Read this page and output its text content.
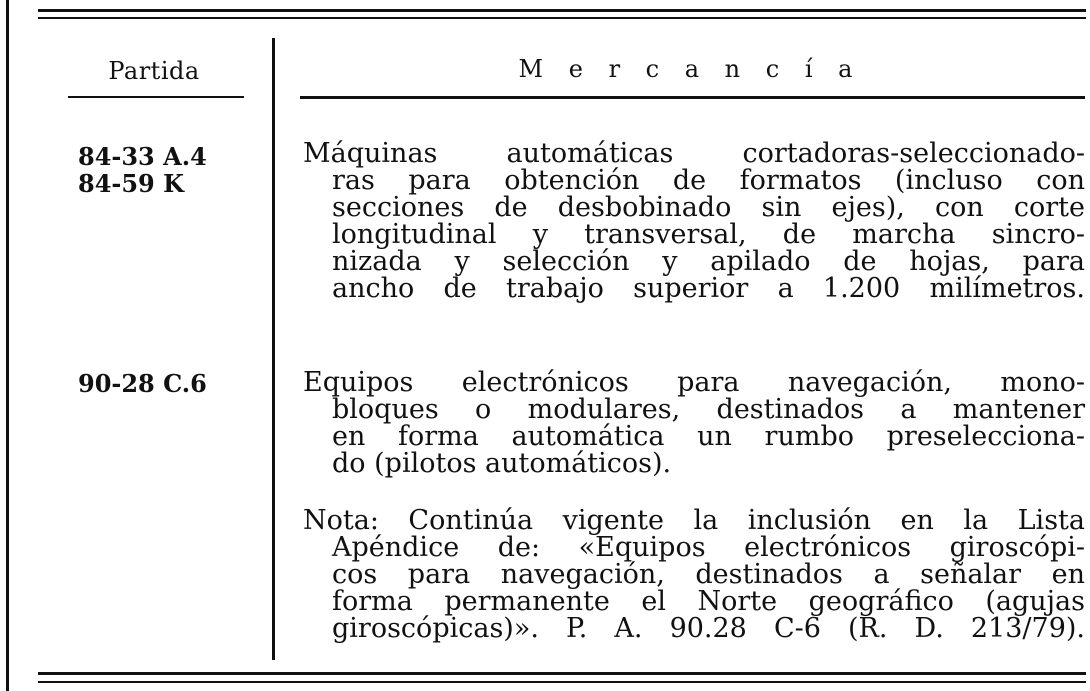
Partida	M e r c a n c í a
84-33 A.4
84-59 K
Máquinas automáticas cortadoras-seleccionado-
ras para obtención de formatos (incluso con
secciones de desbobinado sin ejes), con corte
longitudinal y transversal, de marcha sincro-
nizada y selección y apilado de hojas, para
ancho de trabajo superior a 1.200 milímetros.
90-28 C.6	Equipos electrónicos para navegación, mono-
bloques o modulares, destinados a mantener
en forma automática un rumbo preselecciona-
do (pilotos automáticos).
Nota: Continúa vigente la inclusión en la Lista
Apéndice de: «Equipos electrónicos giroscópi-
cos para navegación, destinados a señalar en
forma permanente el Norte geográfico (agujas
giroscópicas)». P. A. 90.28 C-6 (R. D. 213/79).
